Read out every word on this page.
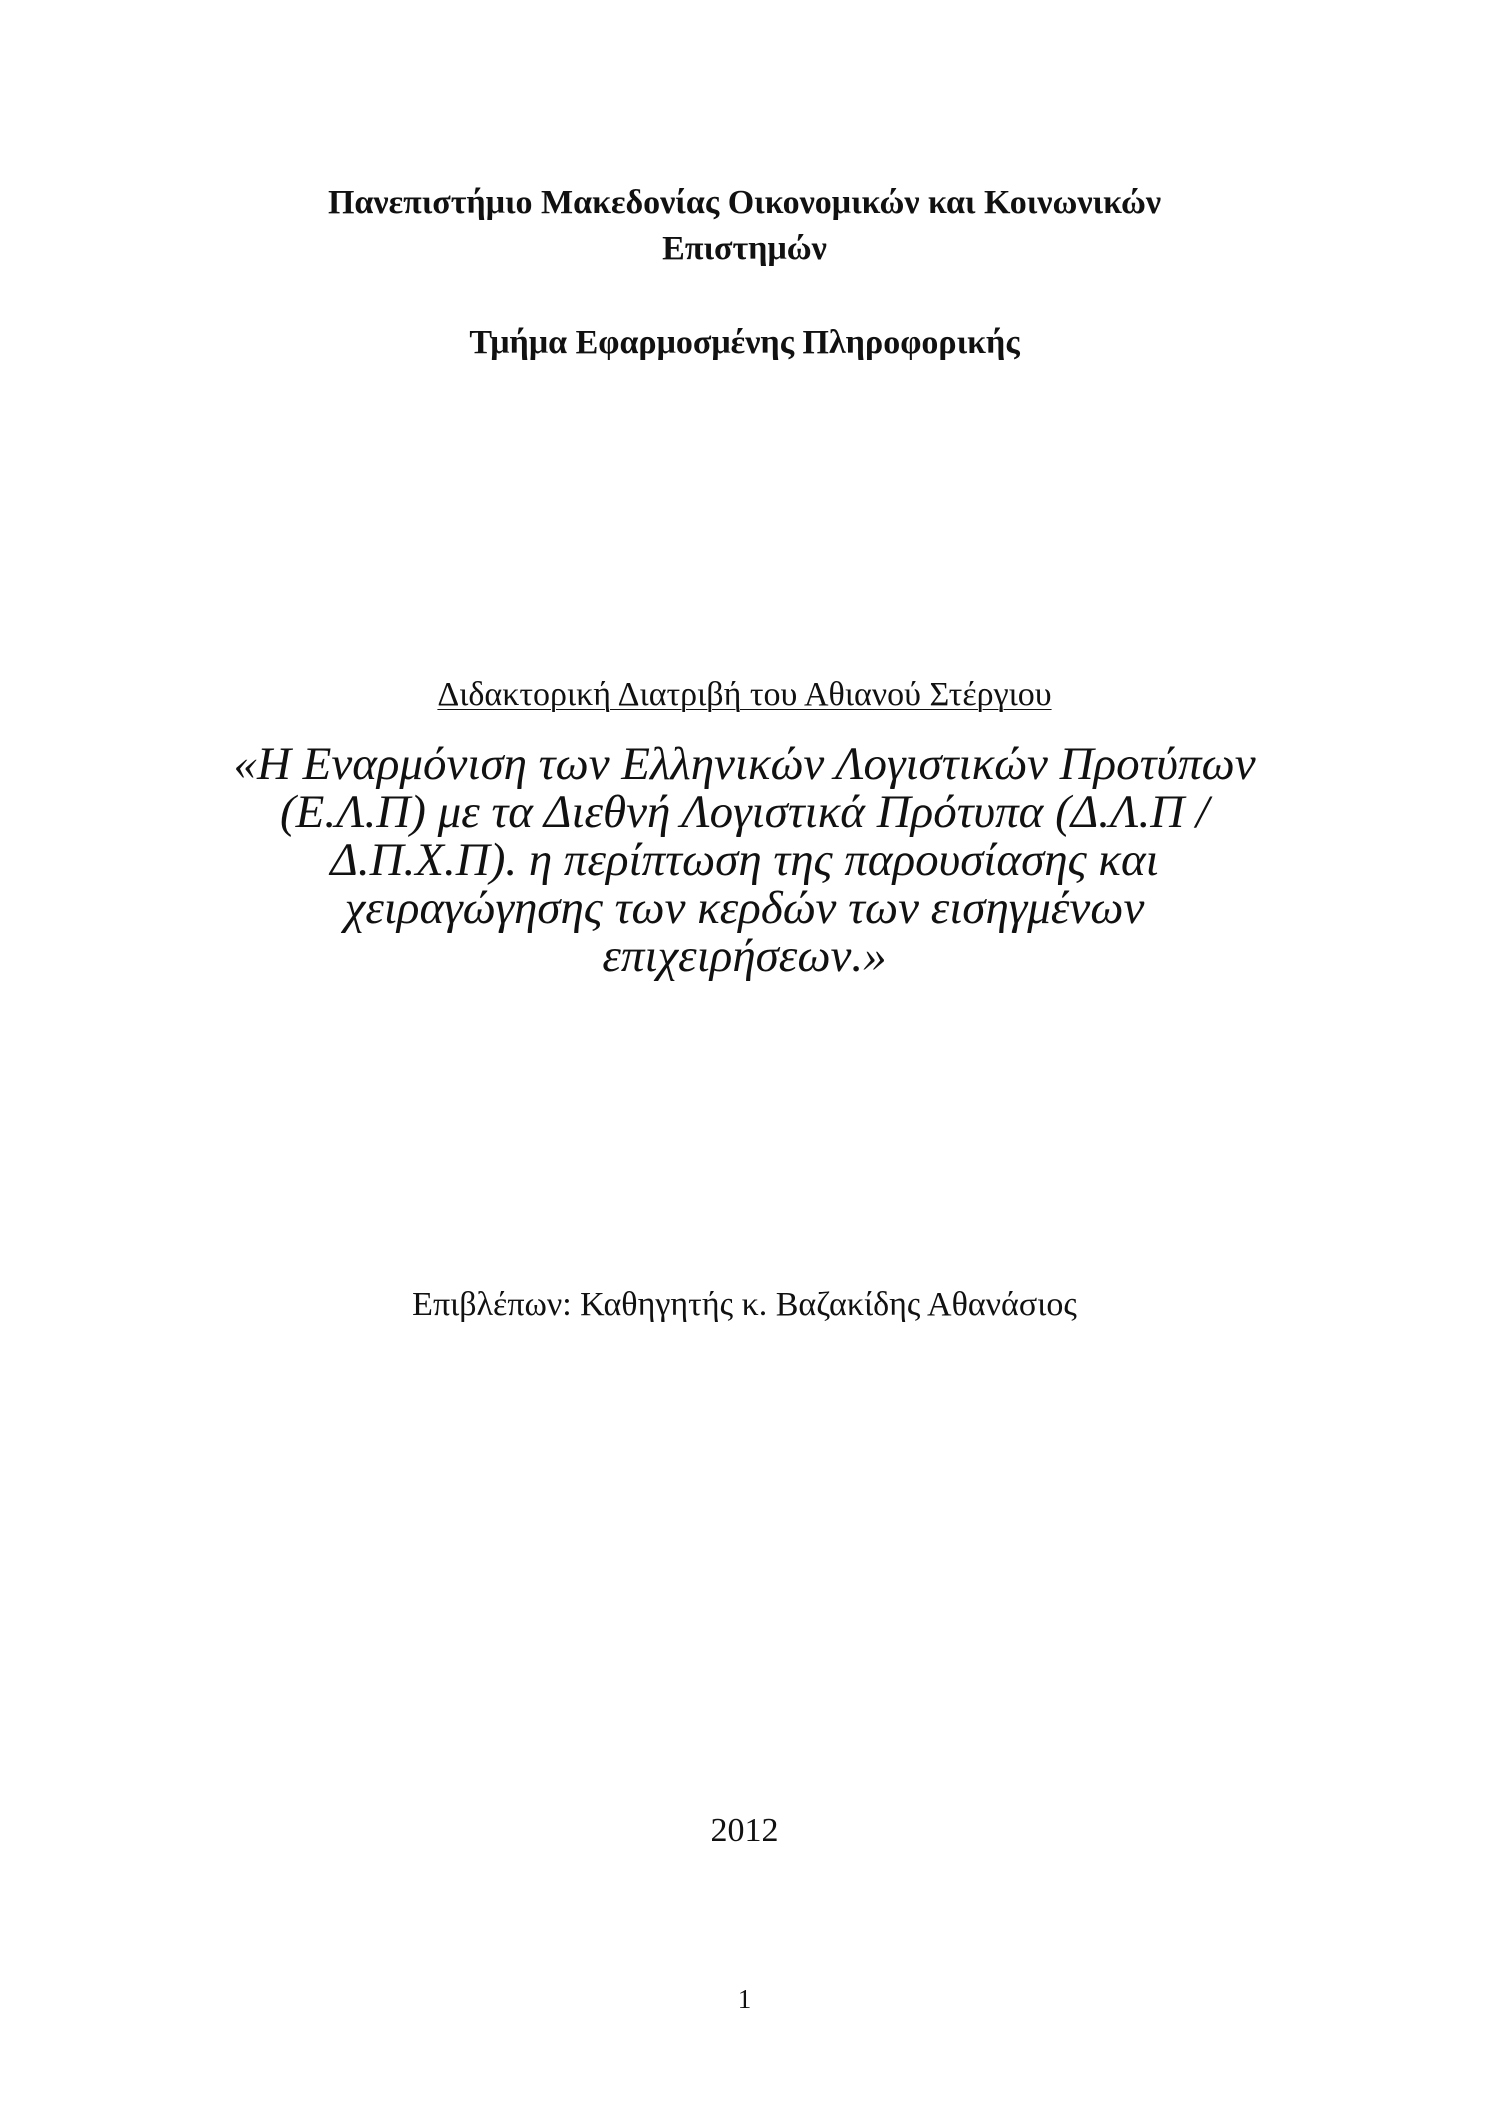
Πανεπιστήμιο Μακεδονίας Οικονομικών και Κοινωνικών
Επιστημών
Τμήμα Εφαρμοσμένης Πληροφορικής
Διδακτορική Διατριβή του Αθιανού Στέργιου
«Η Εναρμόνιση των Ελληνικών Λογιστικών Προτύπων
(Ε.Λ.Π) με τα Διεθνή Λογιστικά Πρότυπα (Δ.Λ.Π /
Δ.Π.Χ.Π). η περίπτωση της παρουσίασης και
χειραγώγησης των κερδών των εισηγμένων
επιχειρήσεων.»
Επιβλέπων: Καθηγητής κ. Βαζακίδης Αθανάσιος
2012
1
